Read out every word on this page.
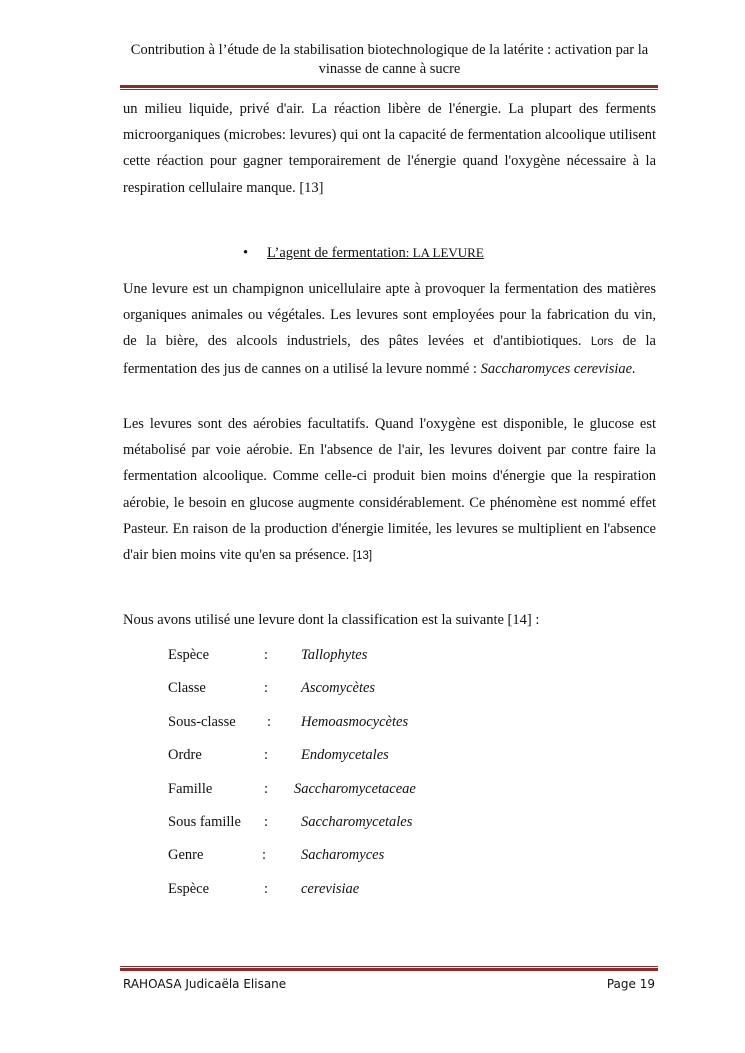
Contribution à l’étude de la stabilisation biotechnologique de la latérite : activation par la vinasse de canne à sucre

un milieu liquide, privé d'air. La réaction libère de l'énergie. La plupart des ferments microorganiques (microbes: levures) qui ont la capacité de fermentation alcoolique utilisent cette réaction pour gagner temporairement de l'énergie quand l'oxygène nécessaire à la respiration cellulaire manque. [13]

• L’agent de fermentation: LA LEVURE

Une levure est un champignon unicellulaire apte à provoquer la fermentation des matières organiques animales ou végétales. Les levures sont employées pour la fabrication du vin, de la bière, des alcools industriels, des pâtes levées et d'antibiotiques. Lors de la fermentation des jus de cannes on a utilisé la levure nommé : Saccharomyces cerevisiae.

Les levures sont des aérobies facultatifs. Quand l'oxygène est disponible, le glucose est métabolisé par voie aérobie. En l'absence de l'air, les levures doivent par contre faire la fermentation alcoolique. Comme celle-ci produit bien moins d'énergie que la respiration aérobie, le besoin en glucose augmente considérablement. Ce phénomène est nommé effet Pasteur. En raison de la production d'énergie limitée, les levures se multiplient en l'absence d'air bien moins vite qu'en sa présence. [13]

Nous avons utilisé une levure dont la classification est la suivante [14] :

Espèce	: Tallophytes
Classe	: Ascomycètes
Sous-classe : Hemoasmocycètes
Ordre	: Endomycetales
Famille	: Saccharomycetaceae
Sous famille : Saccharomycetales
Genre	: Sacharomyces
Espèce	: cerevisiae
RAHOASA Judicaëla Elisane	Page 19
